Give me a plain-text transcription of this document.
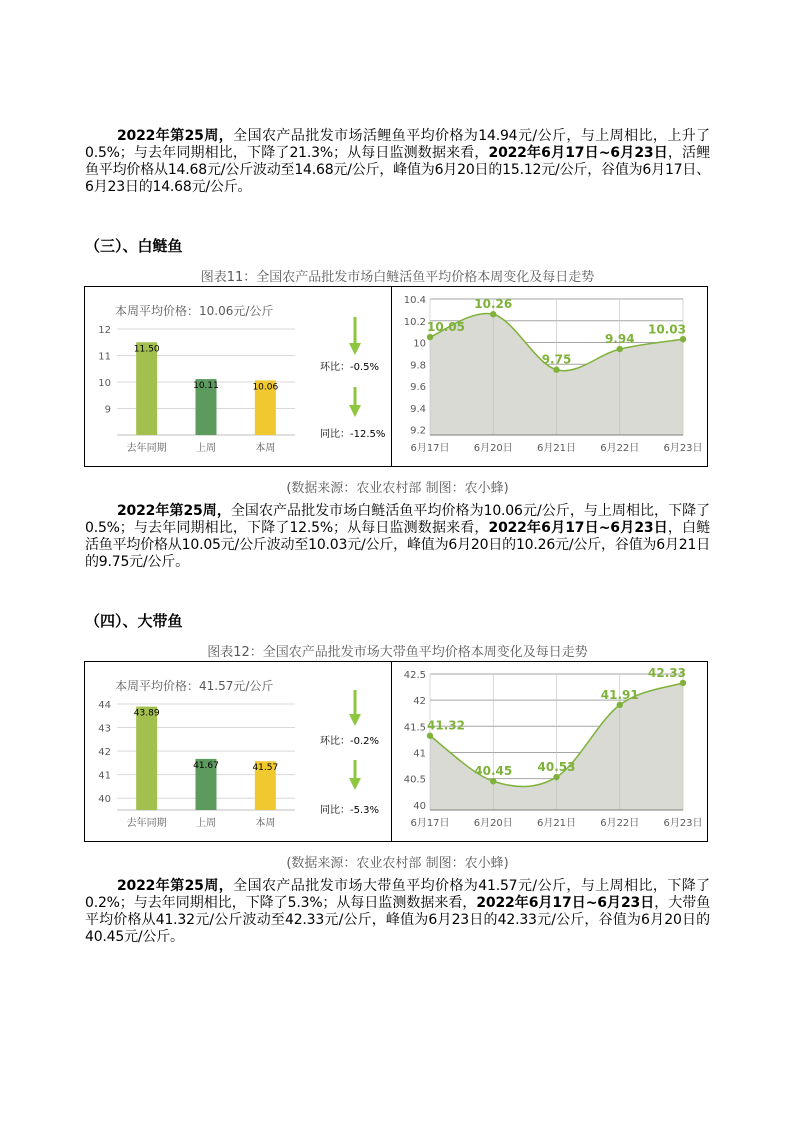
2022年第25周，全国农产品批发市场活鲤鱼平均价格为14.94元/公斤，与上周相比，上升了0.5%；与去年同期相比，下降了21.3%；从每日监测数据来看，2022年6月17日~6月23日，活鲤鱼平均价格从14.68元/公斤波动至14.68元/公斤，峰值为6月20日的15.12元/公斤，谷值为6月17日、6月23日的14.68元/公斤。
（三）、白鲢鱼
图表11：全国农产品批发市场白鲢活鱼平均价格本周变化及每日走势
本周平均价格：10.06元/公斤
9
10
11
12
11.50
去年同期
10.11
上周
10.06
本周
环比：-0.5%
同比：-12.5% 9.2
9.4
9.6
9.8
10
10.2
10.4
10.05
6月17日
10.26
6月20日
9.75
6月21日
9.94
6月22日
10.03
6月23日
(数据来源：农业农村部 制图：农小蜂)
2022年第25周，全国农产品批发市场白鲢活鱼平均价格为10.06元/公斤，与上周相比，下降了0.5%；与去年同期相比，下降了12.5%；从每日监测数据来看，2022年6月17日~6月23日，白鲢活鱼平均价格从10.05元/公斤波动至10.03元/公斤，峰值为6月20日的10.26元/公斤，谷值为6月21日的9.75元/公斤。
（四）、大带鱼
图表12：全国农产品批发市场大带鱼平均价格本周变化及每日走势
本周平均价格：41.57元/公斤
40
41
42
43
44
43.89
去年同期
41.67
上周
41.57
本周
环比：-0.2%
同比：-5.3%	40
40.5
41
41.5
42
42.5
41.32
6月17日
40.45
6月20日
40.53
6月21日
41.91
6月22日
42.33
6月23日
(数据来源：农业农村部 制图：农小蜂)
2022年第25周，全国农产品批发市场大带鱼平均价格为41.57元/公斤，与上周相比，下降了0.2%；与去年同期相比，下降了5.3%；从每日监测数据来看，2022年6月17日~6月23日，大带鱼平均价格从41.32元/公斤波动至42.33元/公斤，峰值为6月23日的42.33元/公斤，谷值为6月20日的40.45元/公斤。
